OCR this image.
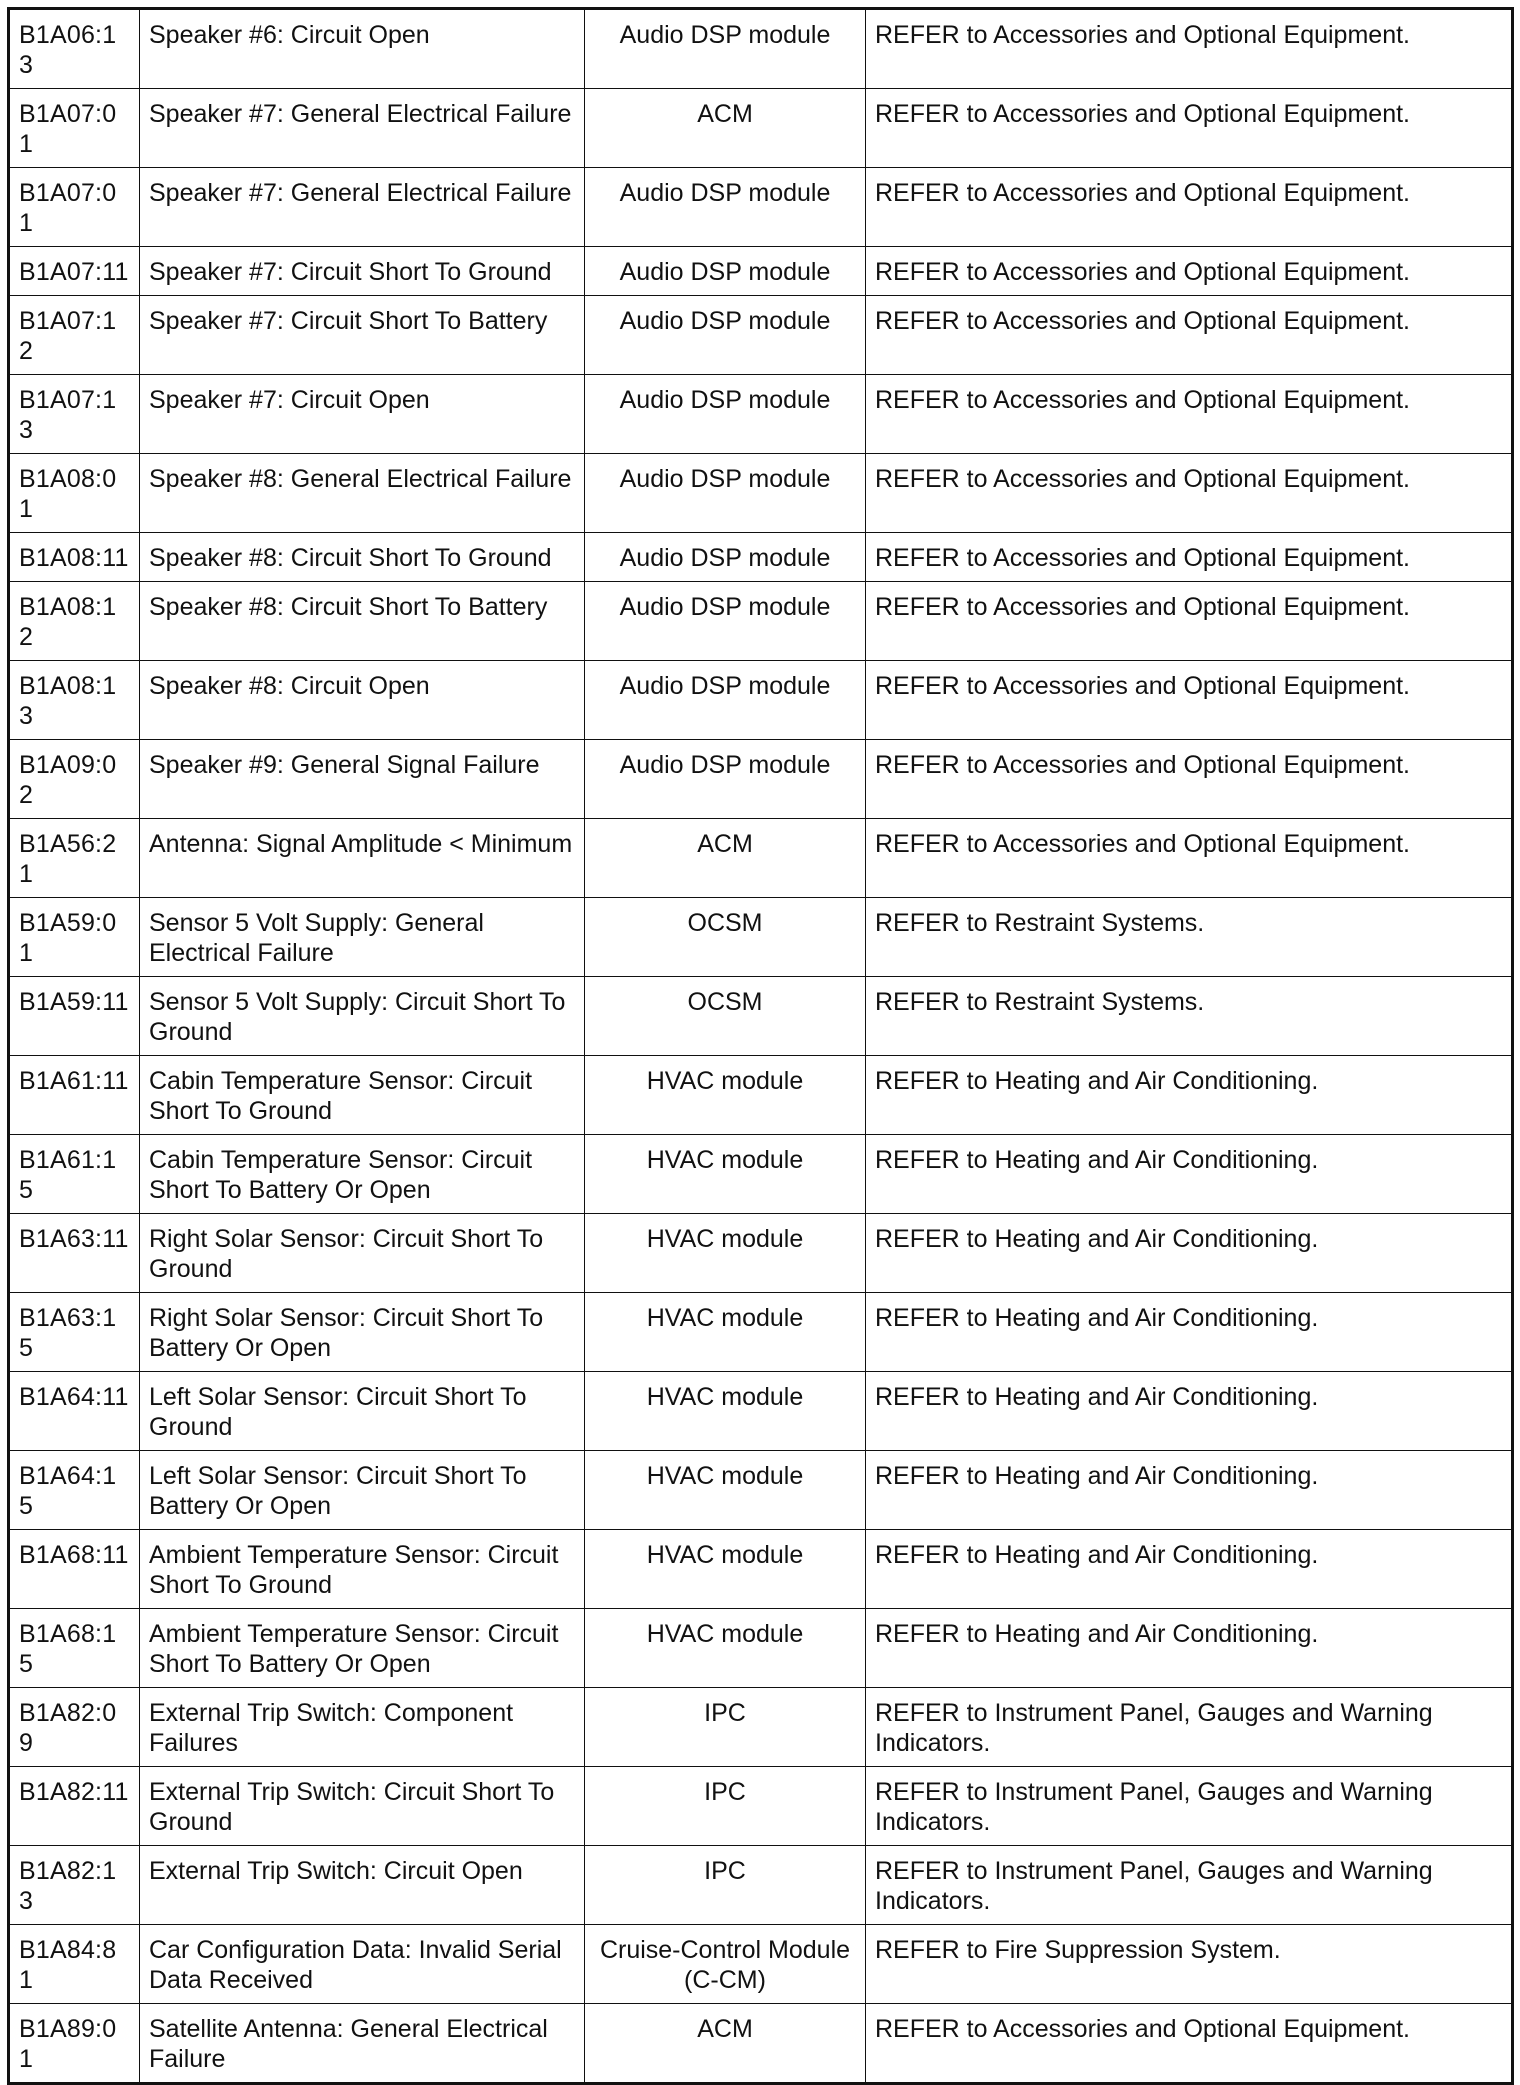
B1A06:13	Speaker #6: Circuit Open	Audio DSP module	REFER to Accessories and Optional Equipment.
B1A07:01	Speaker #7: General Electrical Failure	ACM	REFER to Accessories and Optional Equipment.
B1A07:01	Speaker #7: General Electrical Failure	Audio DSP module	REFER to Accessories and Optional Equipment.
B1A07:11	Speaker #7: Circuit Short To Ground	Audio DSP module	REFER to Accessories and Optional Equipment.
B1A07:12	Speaker #7: Circuit Short To Battery	Audio DSP module	REFER to Accessories and Optional Equipment.
B1A07:13	Speaker #7: Circuit Open	Audio DSP module	REFER to Accessories and Optional Equipment.
B1A08:01	Speaker #8: General Electrical Failure	Audio DSP module	REFER to Accessories and Optional Equipment.
B1A08:11	Speaker #8: Circuit Short To Ground	Audio DSP module	REFER to Accessories and Optional Equipment.
B1A08:12	Speaker #8: Circuit Short To Battery	Audio DSP module	REFER to Accessories and Optional Equipment.
B1A08:13	Speaker #8: Circuit Open	Audio DSP module	REFER to Accessories and Optional Equipment.
B1A09:02	Speaker #9: General Signal Failure	Audio DSP module	REFER to Accessories and Optional Equipment.
B1A56:21	Antenna: Signal Amplitude < Minimum	ACM	REFER to Accessories and Optional Equipment.
B1A59:01	Sensor 5 Volt Supply: General Electrical Failure	OCSM	REFER to Restraint Systems.
B1A59:11	Sensor 5 Volt Supply: Circuit Short To Ground	OCSM	REFER to Restraint Systems.
B1A61:11	Cabin Temperature Sensor: Circuit Short To Ground	HVAC module	REFER to Heating and Air Conditioning.
B1A61:15	Cabin Temperature Sensor: Circuit Short To Battery Or Open	HVAC module	REFER to Heating and Air Conditioning.
B1A63:11	Right Solar Sensor: Circuit Short To Ground	HVAC module	REFER to Heating and Air Conditioning.
B1A63:15	Right Solar Sensor: Circuit Short To Battery Or Open	HVAC module	REFER to Heating and Air Conditioning.
B1A64:11	Left Solar Sensor: Circuit Short To Ground	HVAC module	REFER to Heating and Air Conditioning.
B1A64:15	Left Solar Sensor: Circuit Short To Battery Or Open	HVAC module	REFER to Heating and Air Conditioning.
B1A68:11	Ambient Temperature Sensor: Circuit Short To Ground	HVAC module	REFER to Heating and Air Conditioning.
B1A68:15	Ambient Temperature Sensor: Circuit Short To Battery Or Open	HVAC module	REFER to Heating and Air Conditioning.
B1A82:09	External Trip Switch: Component Failures	IPC	REFER to Instrument Panel, Gauges and Warning Indicators.
B1A82:11	External Trip Switch: Circuit Short To Ground	IPC	REFER to Instrument Panel, Gauges and Warning Indicators.
B1A82:13	External Trip Switch: Circuit Open	IPC	REFER to Instrument Panel, Gauges and Warning Indicators.
B1A84:81	Car Configuration Data: Invalid Serial Data Received	Cruise-Control Module (C-CM)	REFER to Fire Suppression System.
B1A89:01	Satellite Antenna: General Electrical Failure	ACM	REFER to Accessories and Optional Equipment.
